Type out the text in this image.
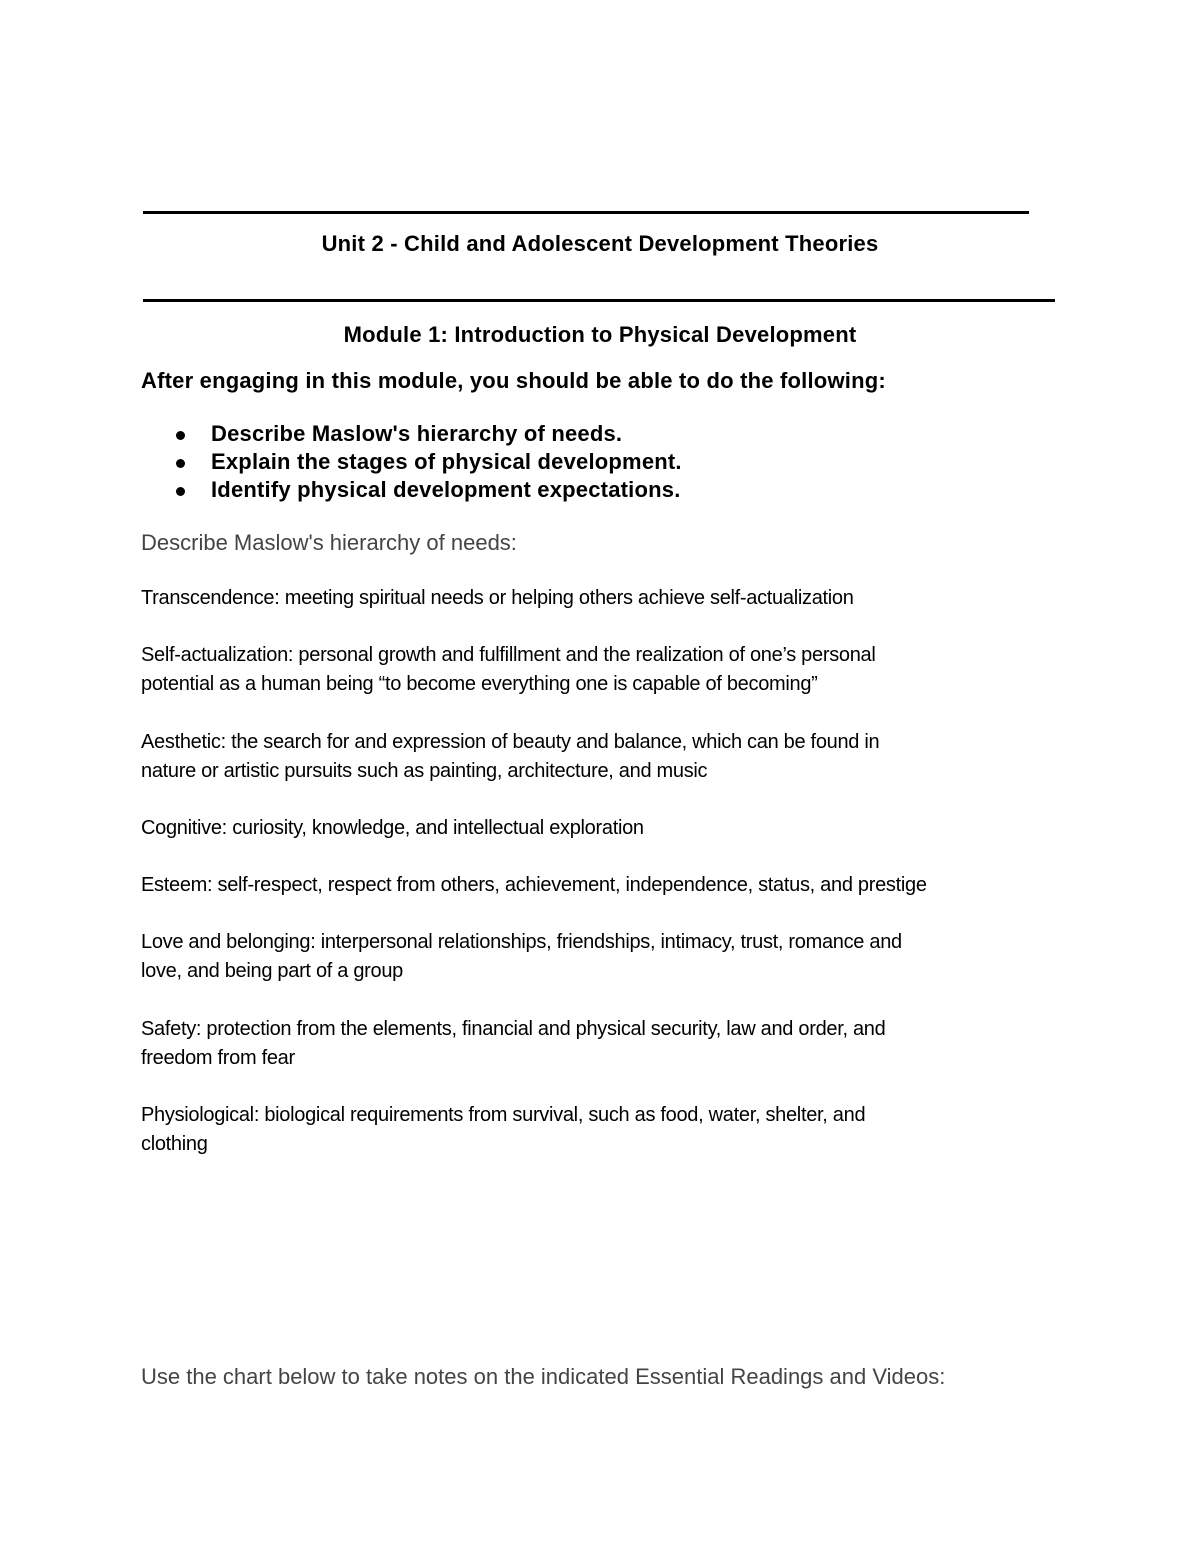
Unit 2 - Child and Adolescent Development Theories
Module 1: Introduction to Physical Development
After engaging in this module, you should be able to do the following:
Describe Maslow's hierarchy of needs.
Explain the stages of physical development.
Identify physical development expectations.
Describe Maslow's hierarchy of needs:
Transcendence: meeting spiritual needs or helping others achieve self-actualization
Self-actualization: personal growth and fulfillment and the realization of one’s personal
potential as a human being “to become everything one is capable of becoming”
Aesthetic: the search for and expression of beauty and balance, which can be found in
nature or artistic pursuits such as painting, architecture, and music
Cognitive: curiosity, knowledge, and intellectual exploration
Esteem: self-respect, respect from others, achievement, independence, status, and prestige
Love and belonging: interpersonal relationships, friendships, intimacy, trust, romance and
love, and being part of a group
Safety: protection from the elements, financial and physical security, law and order, and
freedom from fear
Physiological: biological requirements from survival, such as food, water, shelter, and
clothing
Use the chart below to take notes on the indicated Essential Readings and Videos:
